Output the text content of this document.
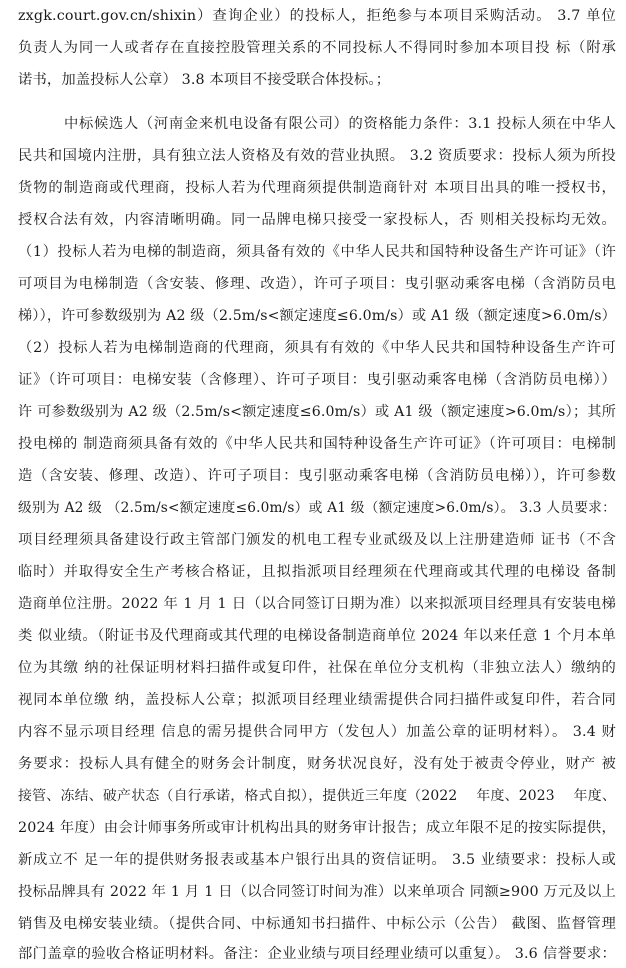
zxgk.court.gov.cn/shixin）查询企业）的投标人，拒绝参与本项目采购活动。 3.7 单位
负责人为同一人或者存在直接控股管理关系的不同投标人不得同时参加本项目投 标（附承
诺书，加盖投标人公章） 3.8 本项目不接受联合体投标。；
中标候选人（河南金来机电设备有限公司）的资格能力条件：3.1 投标人须在中华人
民共和国境内注册，具有独立法人资格及有效的营业执照。 3.2 资质要求：投标人须为所投
货物的制造商或代理商，投标人若为代理商须提供制造商针对 本项目出具的唯一授权书，
授权合法有效，内容清晰明确。同一品牌电梯只接受一家投标人，否 则相关投标均无效。
（1）投标人若为电梯的制造商，须具备有效的《中华人民共和国特种设备生产许可证》（许
可项目为电梯制造（含安装、修理、改造），许可子项目：曳引驱动乘客电梯（含消防员电
梯）），许可参数级别为 A2 级（2.5m/s<额定速度≤6.0m/s）或 A1 级（额定速度>6.0m/s）
（2）投标人若为电梯制造商的代理商，须具有有效的《中华人民共和国特种设备生产许可
证》（许可项目：电梯安装（含修理）、许可子项目：曳引驱动乘客电梯（含消防员电梯））
许 可参数级别为 A2 级（2.5m/s<额定速度≤6.0m/s）或 A1 级（额定速度>6.0m/s）；其所
投电梯的 制造商须具备有效的《中华人民共和国特种设备生产许可证》（许可项目：电梯制
造（含安装、修理、改造）、许可子项目：曳引驱动乘客电梯（含消防员电梯）），许可参数
级别为 A2 级 （2.5m/s<额定速度≤6.0m/s）或 A1 级（额定速度>6.0m/s）。 3.3 人员要求：
项目经理须具备建设行政主管部门颁发的机电工程专业贰级及以上注册建造师 证书（不含
临时）并取得安全生产考核合格证，且拟指派项目经理须在代理商或其代理的电梯设 备制
造商单位注册。2022 年 1 月 1 日（以合同签订日期为准）以来拟派项目经理具有安装电梯
类 似业绩。（附证书及代理商或其代理的电梯设备制造商单位 2024 年以来任意 1 个月本单
位为其缴 纳的社保证明材料扫描件或复印件，社保在单位分支机构（非独立法人）缴纳的
视同本单位缴 纳，盖投标人公章；拟派项目经理业绩需提供合同扫描件或复印件，若合同
内容不显示项目经理 信息的需另提供合同甲方（发包人）加盖公章的证明材料）。 3.4 财
务要求：投标人具有健全的财务会计制度，财务状况良好，没有处于被责令停业，财产 被
接管、冻结、破产状态（自行承诺，格式自拟），提供近三年度（2022　 年度、2023　 年度、
2024 年度）由会计师事务所或审计机构出具的财务审计报告；成立年限不足的按实际提供，
新成立不 足一年的提供财务报表或基本户银行出具的资信证明。 3.5 业绩要求：投标人或
投标品牌具有 2022 年 1 月 1 日（以合同签订时间为准）以来单项合 同额≥900 万元及以上
销售及电梯安装业绩。（提供合同、中标通知书扫描件、中标公示（公告） 截图、监督管理
部门盖章的验收合格证明材料。备注：企业业绩与项目经理业绩可以重复）。 3.6 信誉要求：
